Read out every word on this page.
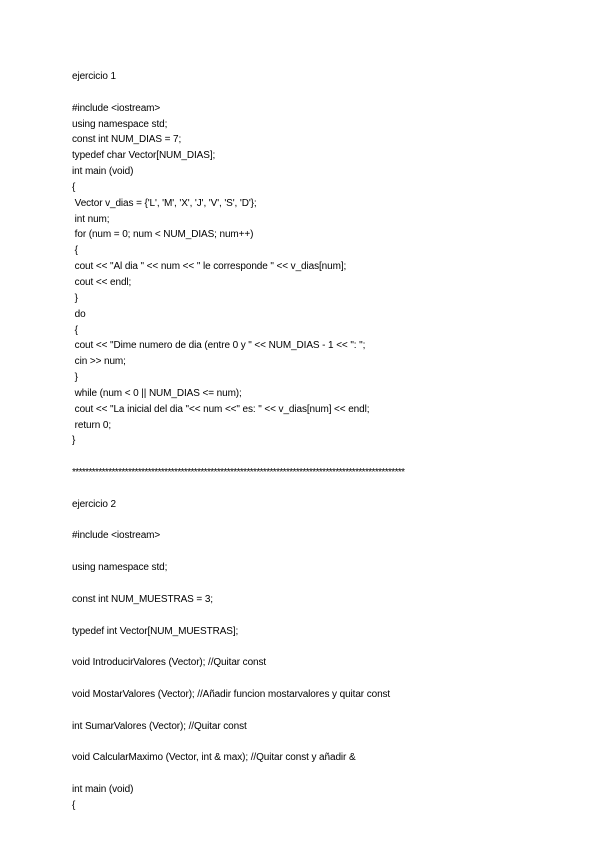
ejercicio 1
#include <iostream>
using namespace std;
const int NUM_DIAS = 7;
typedef char Vector[NUM_DIAS];
int main (void)
{
Vector v_dias = {'L', 'M', 'X', 'J', 'V', 'S', 'D'};
int num;
for (num = 0; num < NUM_DIAS; num++)
{
cout << "Al dia " << num << " le corresponde " << v_dias[num];
cout << endl;
}
do
{
cout << "Dime numero de dia (entre 0 y " << NUM_DIAS - 1 << ": ";
cin >> num;
}
while (num < 0 || NUM_DIAS <= num);
cout << "La inicial del dia "<< num <<" es: " << v_dias[num] << endl;
return 0;
}
*****************************************************************************************************
ejercicio 2
#include <iostream>
using namespace std;
const int NUM_MUESTRAS = 3;
typedef int Vector[NUM_MUESTRAS];
void IntroducirValores (Vector); //Quitar const
void MostarValores (Vector); //Añadir funcion mostarvalores y quitar const
int SumarValores (Vector); //Quitar const
void CalcularMaximo (Vector, int & max); //Quitar const y añadir &
int main (void)
{
